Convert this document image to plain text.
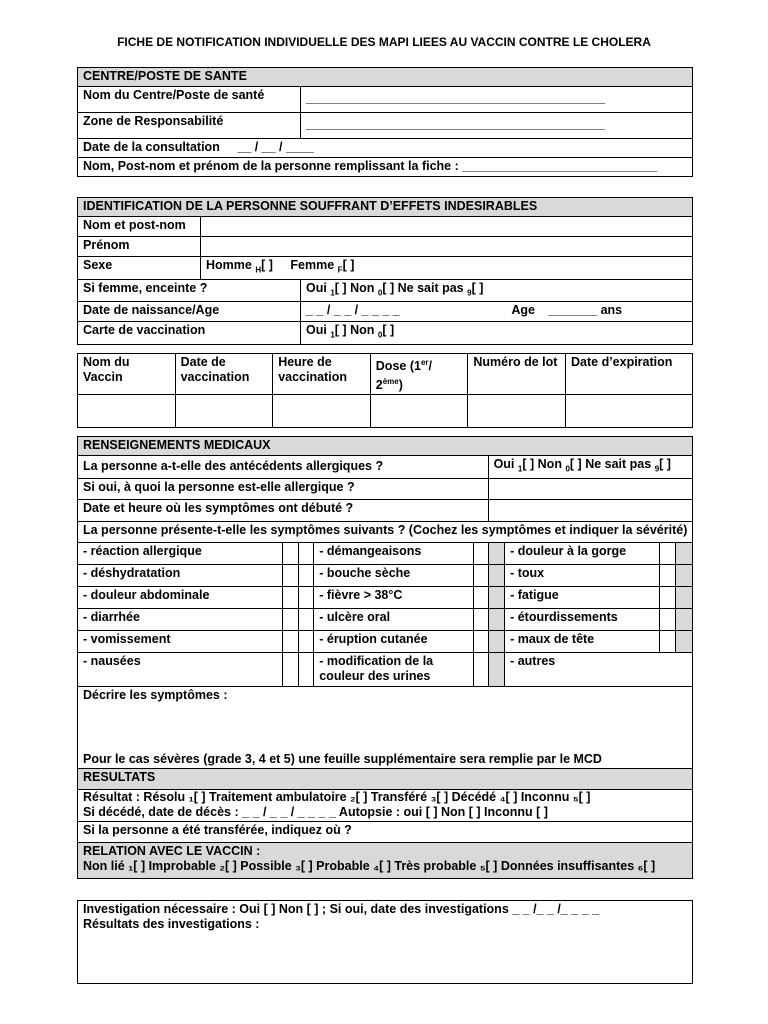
FICHE DE NOTIFICATION INDIVIDUELLE DES MAPI LIEES AU VACCIN CONTRE LE CHOLERA
CENTRE/POSTE DE SANTE	
Nom du Centre/Poste de santé	___________________________________________
Zone de Responsabilité	___________________________________________
Date de la consultation __ / __ / ____	
Nom, Post-nom et prénom de la personne remplissant la fiche : ____________________________	
IDENTIFICATION DE LA PERSONNE SOUFFRANT D’EFFETS INDESIRABLES		
Nom et post-nom		
Prénom		
Sexe	Homme $_H$[ ] Femme $_F$[ ]	
Si femme, enceinte ?		Oui $_1$[ ] Non $_0$[ ] Ne sait pas $_9$[ ]
Date de naissance/Age		_ _ / _ _ / _ _ _ _ Age _______ ans
Carte de vaccination		Oui $_1$[ ] Non $_0$[ ]
Nom du Vaccin	Date de vaccination	Heure de vaccination	Dose (1er/ 2ème)	Numéro de lot	Date d’expiration

RENSEIGNEMENTS MEDICAUX								
La personne a-t-elle des antécédents allergiques ?					Oui $_1$[ ] Non $_0$[ ] Ne sait pas $_9$[ ]			
Si oui, à quoi la personne est-elle allergique ?								
Date et heure où les symptômes ont débuté ?								
La personne présente-t-elle les symptômes suivants ? (Cochez les symptômes et indiquer la sévérité)								
- réaction allergique			- démangeaisons			- douleur à la gorge		
- déshydratation			- bouche sèche			- toux		
- douleur abdominale			- fièvre > 38°C			- fatigue		
- diarrhée			- ulcère oral			- étourdissements		
- vomissement			- éruption cutanée			- maux de tête		
- nausées			- modification de la couleur des urines			- autres		

Décrire les symptômes :
Pour le cas sévères (grade 3, 4 et 5) une feuille supplémentaire sera remplie par le MCD								

RESULTATS								

Résultat : Résolu ₁[ ] Traitement ambulatoire ₂[ ] Transféré ₃[ ] Décédé ₄[ ] Inconnu ₅[ ]
Si décédé, date de décès : _ _ / _ _ / _ _ _ _ Autopsie : oui [ ] Non [ ] Inconnu [ ]								

Si la personne a été transférée, indiquez où ?								

RELATION AVEC LE VACCIN :
Non lié ₁[ ] Improbable ₂[ ] Possible ₃[ ] Probable ₄[ ] Très probable ₅[ ] Données insuffisantes ₆[ ]								
Investigation nécessaire : Oui [ ] Non [ ] ; Si oui, date des investigations _ _ /_ _ /_ _ _ _
Résultats des investigations :
